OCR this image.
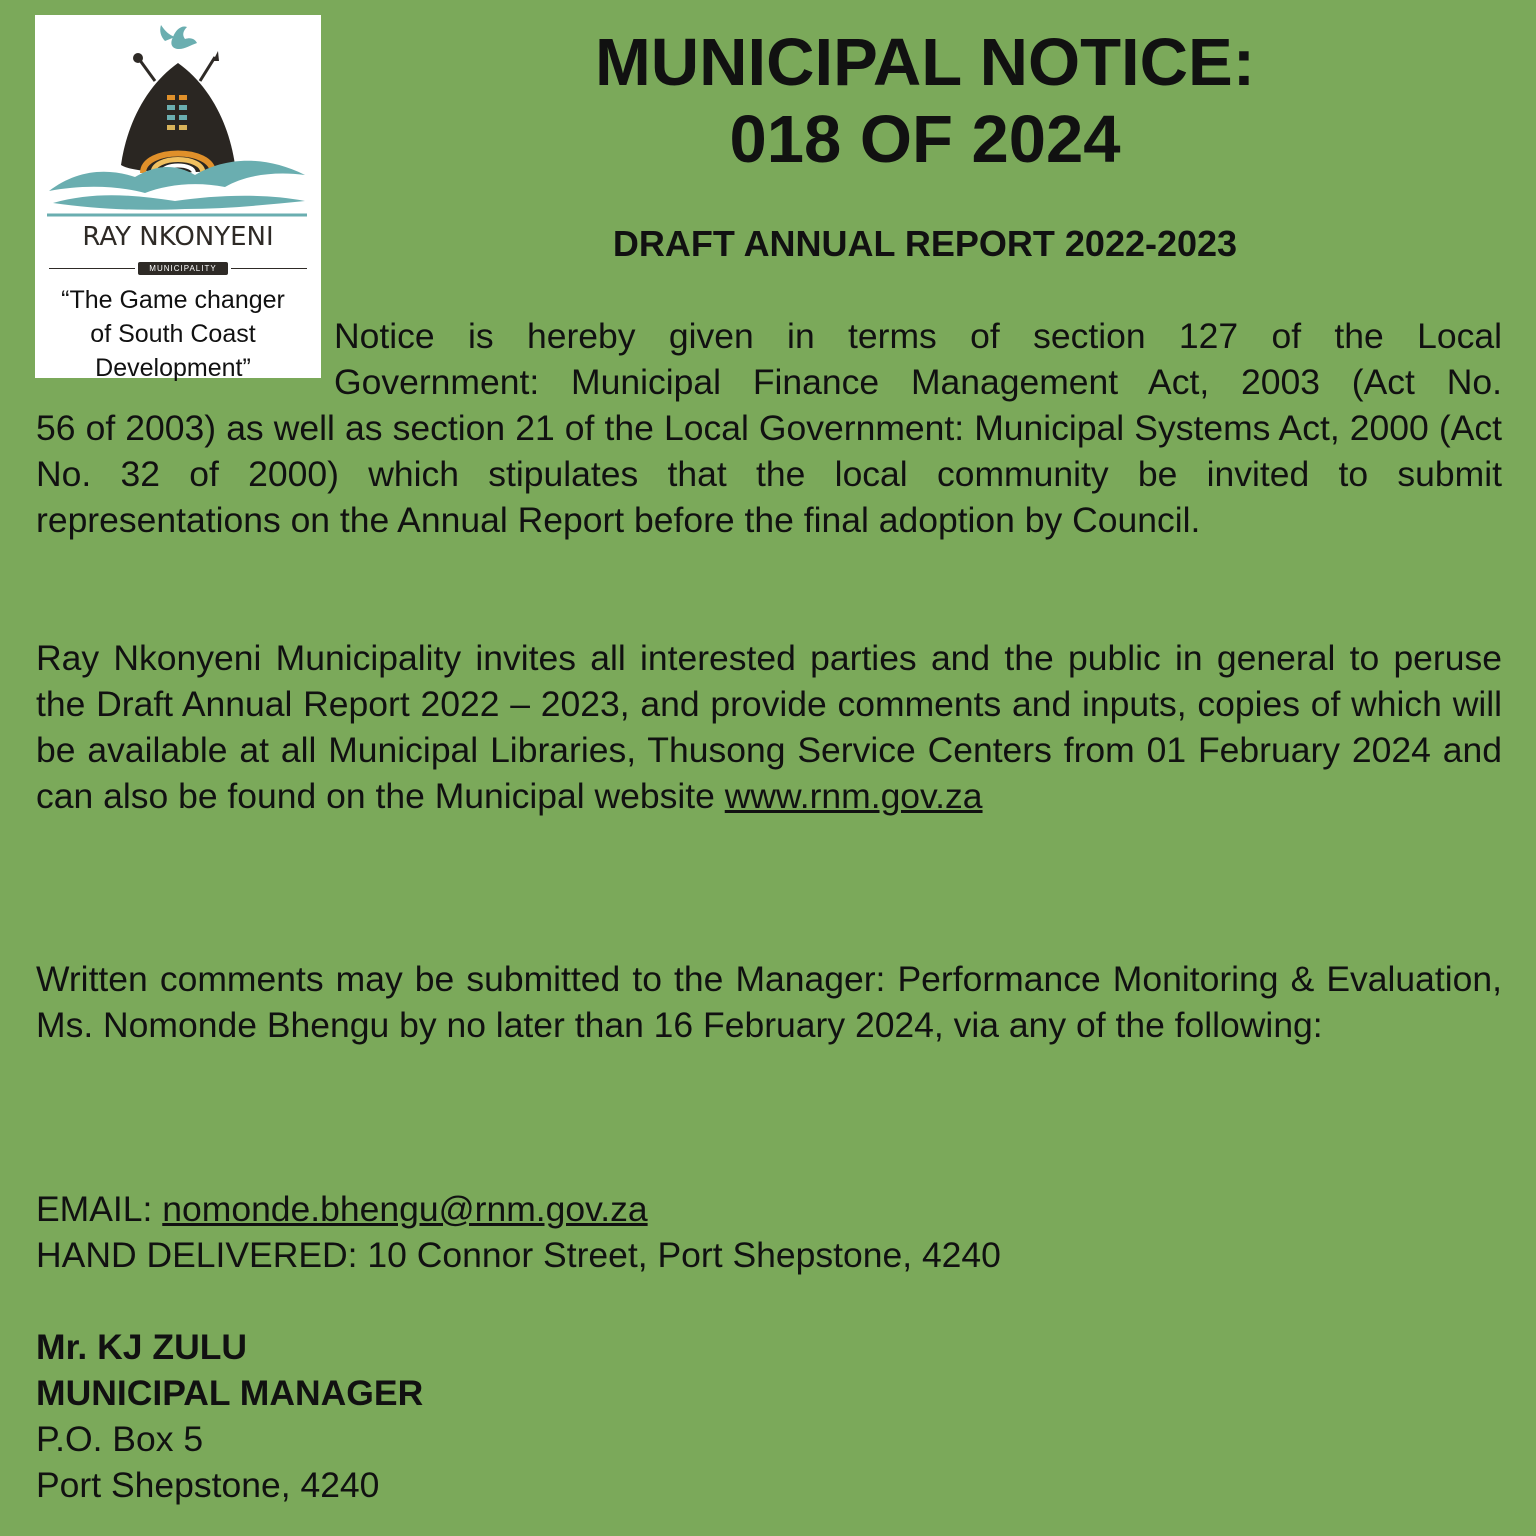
RAY NKONYENI
MUNICIPALITY
“The Game changer
of South Coast
Development”
MUNICIPAL NOTICE:
018 OF 2024
DRAFT ANNUAL REPORT 2022-2023

Notice is hereby given in terms of section 127 of the Local
Government: Municipal Finance Management Act, 2003 (Act No.

56 of 2003) as well as section 21 of the Local Government: Municipal Systems Act, 2000 (Act No. 32 of 2000) which stipulates that the local community be invited to submit representations on the Annual Report before the final adoption by Council.

Ray Nkonyeni Municipality invites all interested parties and the public in general to peruse the Draft Annual Report 2022 – 2023, and provide comments and inputs, copies of which will be available at all Municipal Libraries, Thusong Service Centers from 01 February 2024 and can also be found on the Municipal website www.rnm.gov.za

Written comments may be submitted to the Manager: Performance Monitoring & Evaluation, Ms. Nomonde Bhengu by no later than 16 February 2024, via any of the following:

EMAIL: nomonde.bhengu@rnm.gov.za
HAND DELIVERED: 10 Connor Street, Port Shepstone, 4240
Mr. KJ ZULU
MUNICIPAL MANAGER
P.O. Box 5
Port Shepstone, 4240
